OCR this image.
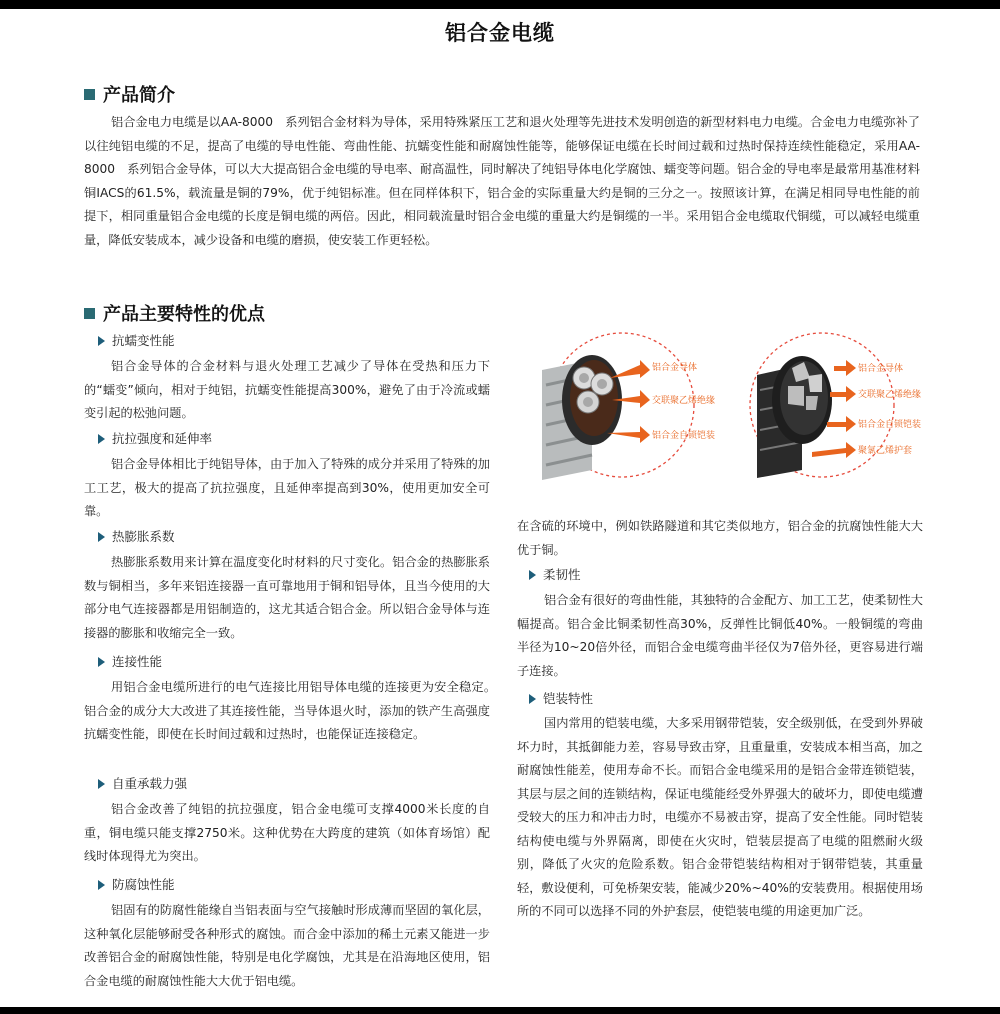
铝合金电缆
产品简介

铝合金电力电缆是以AA-8000　系列铝合金材料为导体，采用特殊紧压工艺和退火处理等先进技术发明创造的新型材料电力电缆。合金电力电缆弥补了以往纯铝电缆的不足，提高了电缆的导电性能、弯曲性能、抗蠕变性能和耐腐蚀性能等，能够保证电缆在长时间过载和过热时保持连续性能稳定，采用AA-8000　系列铝合金导体，可以大大提高铝合金电缆的导电率、耐高温性，同时解决了纯铝导体电化学腐蚀、蠕变等问题。铝合金的导电率是最常用基准材料铜IACS的61.5%，载流量是铜的79%，优于纯铝标准。但在同样体积下，铝合金的实际重量大约是铜的三分之一。按照该计算，在满足相同导电性能的前提下，相同重量铝合金电缆的长度是铜电缆的两倍。因此，相同载流量时铝合金电缆的重量大约是铜缆的一半。采用铝合金电缆取代铜缆，可以减轻电缆重量，降低安装成本，减少设备和电缆的磨损，使安装工作更轻松。

产品主要特性的优点
抗蠕变性能

铝合金导体的合金材料与退火处理工艺减少了导体在受热和压力下的“蠕变”倾向，相对于纯铝，抗蠕变性能提高300%，避免了由于冷流或蠕变引起的松弛问题。

抗拉强度和延伸率

铝合金导体相比于纯铝导体，由于加入了特殊的成分并采用了特殊的加工工艺，极大的提高了抗拉强度，且延伸率提高到30%，使用更加安全可靠。

热膨胀系数

热膨胀系数用来计算在温度变化时材料的尺寸变化。铝合金的热膨胀系数与铜相当，多年来铝连接器一直可靠地用于铜和铝导体，且当今使用的大部分电气连接器都是用铝制造的，这尤其适合铝合金。所以铝合金导体与连接器的膨胀和收缩完全一致。

连接性能

用铝合金电缆所进行的电气连接比用铝导体电缆的连接更为安全稳定。　铝合金的成分大大改进了其连接性能，当导体退火时，添加的铁产生高强度抗蠕变性能，即使在长时间过载和过热时，也能保证连接稳定。

自重承载力强

铝合金改善了纯铝的抗拉强度，铝合金电缆可支撑4000米长度的自重，铜电缆只能支撑2750米。这种优势在大跨度的建筑（如体育场馆）配线时体现得尤为突出。

防腐蚀性能

铝固有的防腐性能缘自当铝表面与空气接触时形成薄而坚固的氧化层，这种氧化层能够耐受各种形式的腐蚀。而合金中添加的稀土元素又能进一步改善铝合金的耐腐蚀性能，特别是电化学腐蚀，尤其是在沿海地区使用，铝合金电缆的耐腐蚀性能大大优于铝电缆。

铝合金导体
交联聚乙烯绝缘
铝合金自锁铠装
铝合金导体
交联聚乙烯绝缘
铝合金自锁铠装
聚氯乙烯护套

在含硫的环境中，例如铁路隧道和其它类似地方，铝合金的抗腐蚀性能大大优于铜。

柔韧性

铝合金有很好的弯曲性能，其独特的合金配方、加工工艺，使柔韧性大幅提高。铝合金比铜柔韧性高30%，反弹性比铜低40%。一般铜缆的弯曲半径为10~20倍外径，而铝合金电缆弯曲半径仅为7倍外径，更容易进行端子连接。

铠装特性

国内常用的铠装电缆，大多采用钢带铠装，安全级别低，在受到外界破坏力时，其抵御能力差，容易导致击穿，且重量重，安装成本相当高，加之耐腐蚀性能差，使用寿命不长。而铝合金电缆采用的是铝合金带连锁铠装，其层与层之间的连锁结构，保证电缆能经受外界强大的破坏力，即使电缆遭受较大的压力和冲击力时，电缆亦不易被击穿，提高了安全性能。同时铠装结构使电缆与外界隔离，即使在火灾时，铠装层提高了电缆的阻燃耐火级别，降低了火灾的危险系数。铝合金带铠装结构相对于钢带铠装，其重量轻，敷设便利，可免桥架安装，能减少20%~40%的安装费用。根据使用场所的不同可以选择不同的外护套层，使铠装电缆的用途更加广泛。
